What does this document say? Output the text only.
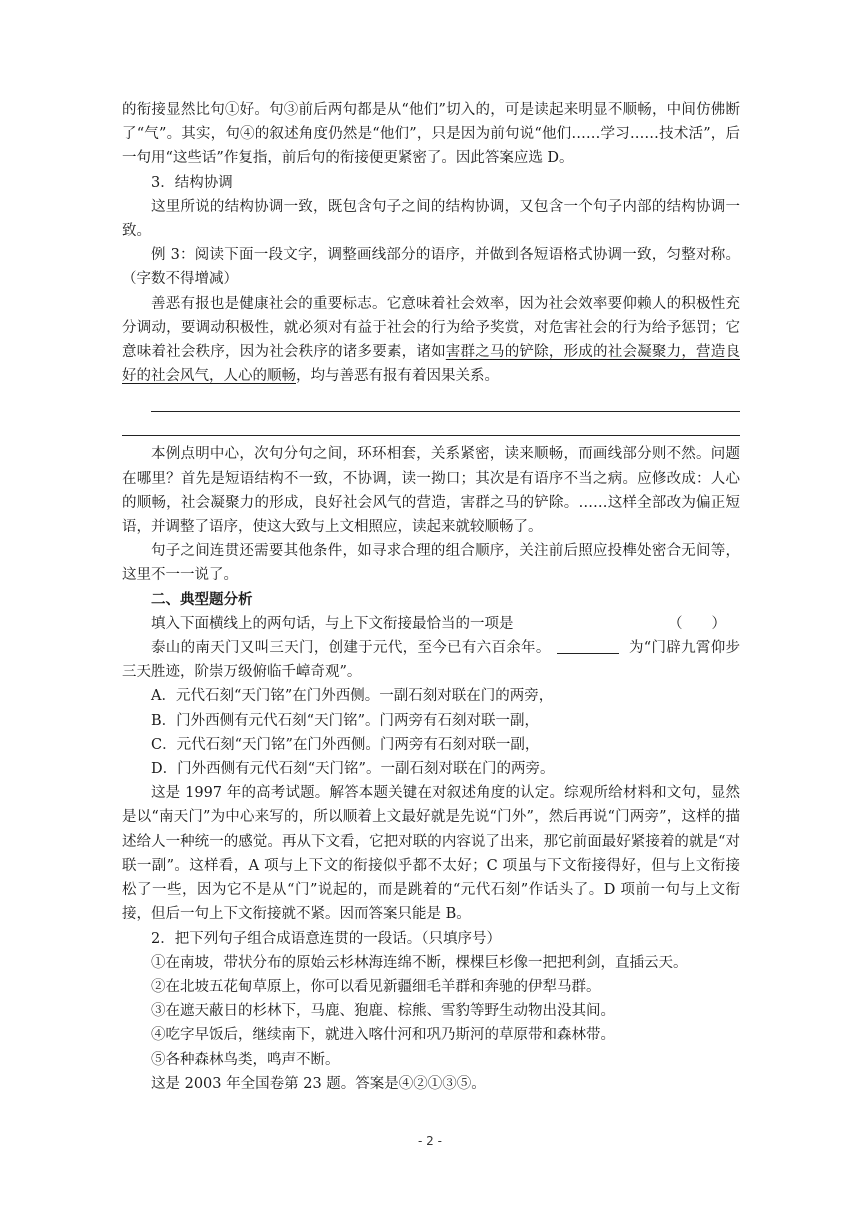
的衔接显然比句①好。句③前后两句都是从“他们”切入的，可是读起来明显不顺畅，中间仿佛断了“气”。其实，句④的叙述角度仍然是“他们”，只是因为前句说“他们……学习……技术活”，后一句用“这些话”作复指，前后句的衔接便更紧密了。因此答案应选 D。

3．结构协调

这里所说的结构协调一致，既包含句子之间的结构协调，又包含一个句子内部的结构协调一致。

例 3：阅读下面一段文字，调整画线部分的语序，并做到各短语格式协调一致，匀整对称。（字数不得增减）

善恶有报也是健康社会的重要标志。它意味着社会效率，因为社会效率要仰赖人的积极性充分调动，要调动积极性，就必须对有益于社会的行为给予奖赏，对危害社会的行为给予惩罚；它意味着社会秩序，因为社会秩序的诸多要素，诸如害群之马的铲除，形成的社会凝聚力，营造良好的社会风气，人心的顺畅，均与善恶有报有着因果关系。

本例点明中心，次句分句之间，环环相套，关系紧密，读来顺畅，而画线部分则不然。问题在哪里？首先是短语结构不一致，不协调，读一拗口；其次是有语序不当之病。应修改成：人心的顺畅，社会凝聚力的形成，良好社会风气的营造，害群之马的铲除。……这样全部改为偏正短语，并调整了语序，使这大致与上文相照应，读起来就较顺畅了。

句子之间连贯还需要其他条件，如寻求合理的组合顺序，关注前后照应投榫处密合无间等，这里不一一说了。

二、典型题分析

填入下面横线上的两句话，与上下文衔接最恰当的一项是	（　　）

泰山的南天门又叫三天门，创建于元代，至今已有六百余年。	为“门辟九霄仰步三天胜迹，阶崇万级俯临千嶂奇观”。

A．元代石刻“天门铭”在门外西侧。一副石刻对联在门的两旁，

B．门外西侧有元代石刻“天门铭”。门两旁有石刻对联一副，

C．元代石刻“天门铭”在门外西侧。门两旁有石刻对联一副，

D．门外西侧有元代石刻“天门铭”。一副石刻对联在门的两旁。

这是 1997 年的高考试题。解答本题关键在对叙述角度的认定。综观所给材料和文句，显然是以“南天门”为中心来写的，所以顺着上文最好就是先说“门外”，然后再说“门两旁”，这样的描述给人一种统一的感觉。再从下文看，它把对联的内容说了出来，那它前面最好紧接着的就是“对联一副”。这样看，A 项与上下文的衔接似乎都不太好；C 项虽与下文衔接得好，但与上文衔接松了一些，因为它不是从“门”说起的，而是跳着的“元代石刻”作话头了。D 项前一句与上文衔接，但后一句上下文衔接就不紧。因而答案只能是 B。

2．把下列句子组合成语意连贯的一段话。（只填序号）

①在南坡，带状分布的原始云杉林海连绵不断，棵棵巨杉像一把把利剑，直插云天。

②在北坡五花甸草原上，你可以看见新疆细毛羊群和奔驰的伊犁马群。

③在遮天蔽日的杉林下，马鹿、狍鹿、棕熊、雪豹等野生动物出没其间。

④吃字早饭后，继续南下，就进入喀什河和巩乃斯河的草原带和森林带。

⑤各种森林鸟类，鸣声不断。

这是 2003 年全国卷第 23 题。答案是④②①③⑤。

- 2 -
